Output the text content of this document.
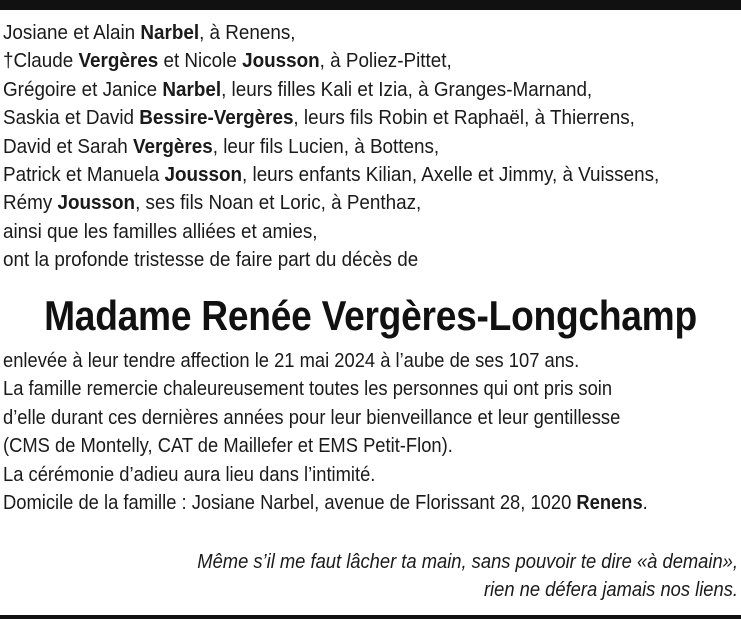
Josiane et Alain Narbel, à Renens,
†Claude Vergères et Nicole Jousson, à Poliez-Pittet,
Grégoire et Janice Narbel, leurs filles Kali et Izia, à Granges-Marnand,
Saskia et David Bessire-Vergères, leurs fils Robin et Raphaël, à Thierrens,
David et Sarah Vergères, leur fils Lucien, à Bottens,
Patrick et Manuela Jousson, leurs enfants Kilian, Axelle et Jimmy, à Vuissens,
Rémy Jousson, ses fils Noan et Loric, à Penthaz,
ainsi que les familles alliées et amies,
ont la profonde tristesse de faire part du décès de
Madame Renée Vergères-Longchamp
enlevée à leur tendre affection le 21 mai 2024 à l’aube de ses 107 ans.
La famille remercie chaleureusement toutes les personnes qui ont pris soin
d’elle durant ces dernières années pour leur bienveillance et leur gentillesse
(CMS de Montelly, CAT de Maillefer et EMS Petit-Flon).
La cérémonie d’adieu aura lieu dans l’intimité.
Domicile de la famille : Josiane Narbel, avenue de Florissant 28, 1020 Renens.
Même s’il me faut lâcher ta main, sans pouvoir te dire «à demain»,
rien ne défera jamais nos liens.
